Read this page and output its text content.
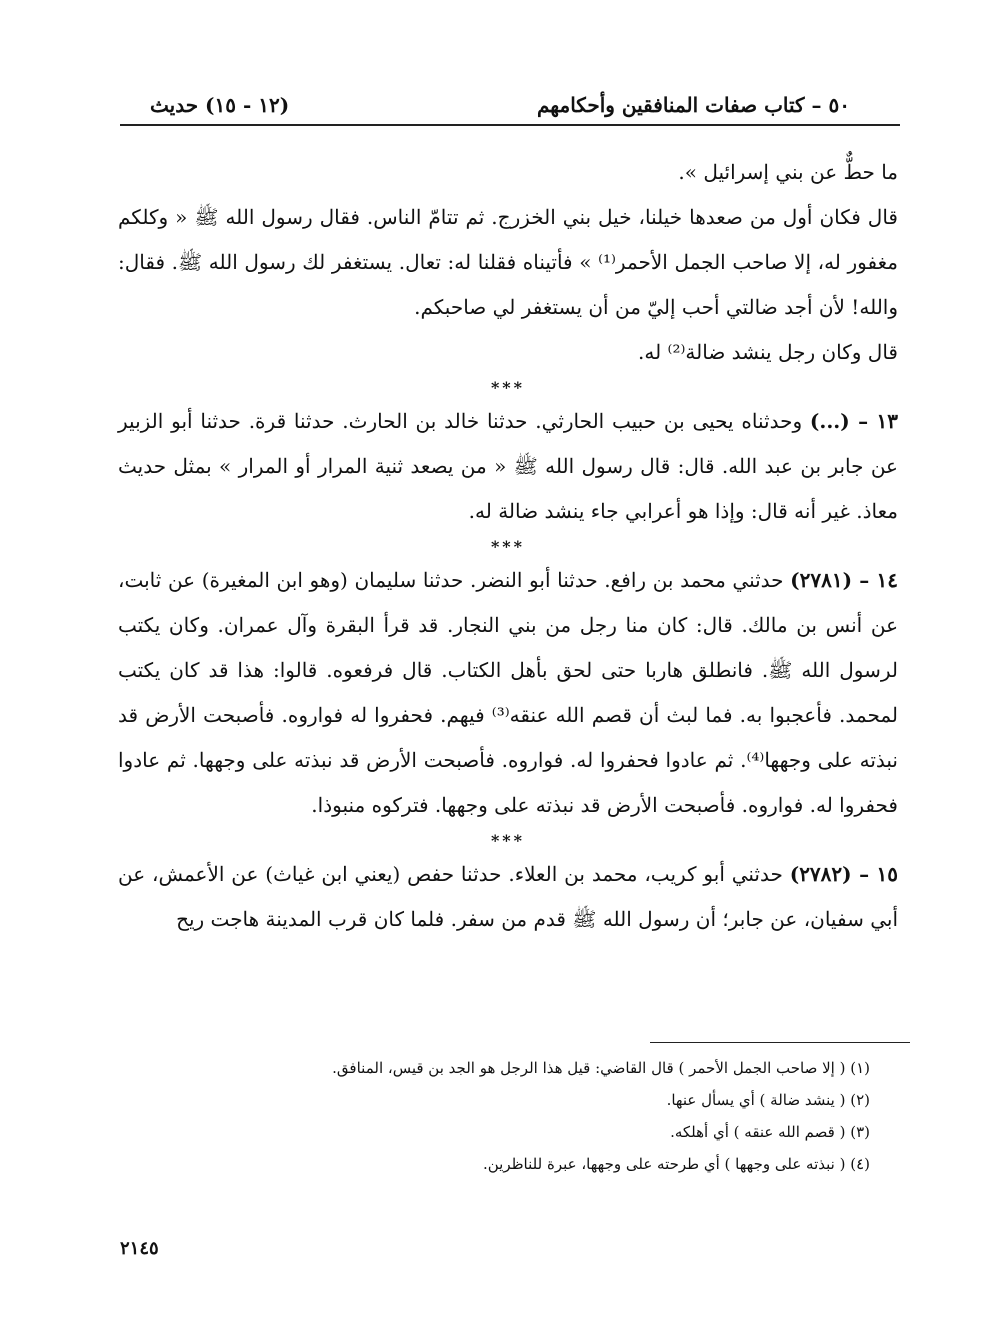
٥٠ – كتاب صفات المنافقين وأحكامهم
(١٢ - ١٥) حديث

ما حطٌّ عن بني إسرائيل ».

قال فكان أول من صعدها خيلنا، خيل بني الخزرج. ثم تتامّ الناس. فقال رسول الله ﷺ « وكلكم مغفور له، إلا صاحب الجمل الأحمر⁽¹⁾ » فأتيناه فقلنا له: تعال. يستغفر لك رسول الله ﷺ. فقال: والله! لأن أجد ضالتي أحب إليّ من أن يستغفر لي صاحبكم.

قال وكان رجل ينشد ضالة⁽²⁾ له.

***

١٣ – (...) وحدثناه يحيى بن حبيب الحارثي. حدثنا خالد بن الحارث. حدثنا قرة. حدثنا أبو الزبير عن جابر بن عبد الله. قال: قال رسول الله ﷺ « من يصعد ثنية المرار أو المرار » بمثل حديث معاذ. غير أنه قال: وإذا هو أعرابي جاء ينشد ضالة له.

***

١٤ – (٢٧٨١) حدثني محمد بن رافع. حدثنا أبو النضر. حدثنا سليمان (وهو ابن المغيرة) عن ثابت، عن أنس بن مالك. قال: كان منا رجل من بني النجار. قد قرأ البقرة وآل عمران. وكان يكتب لرسول الله ﷺ. فانطلق هاربا حتى لحق بأهل الكتاب. قال فرفعوه. قالوا: هذا قد كان يكتب لمحمد. فأعجبوا به. فما لبث أن قصم الله عنقه⁽³⁾ فيهم. فحفروا له فواروه. فأصبحت الأرض قد نبذته على وجهها⁽⁴⁾. ثم عادوا فحفروا له. فواروه. فأصبحت الأرض قد نبذته على وجهها. ثم عادوا فحفروا له. فواروه. فأصبحت الأرض قد نبذته على وجهها. فتركوه منبوذا.

***

١٥ – (٢٧٨٢) حدثني أبو كريب، محمد بن العلاء. حدثنا حفص (يعني ابن غياث) عن الأعمش، عن أبي سفيان، عن جابر؛ أن رسول الله ﷺ قدم من سفر. فلما كان قرب المدينة هاجت ريح

(١) ( إلا صاحب الجمل الأحمر ) قال القاضي: قيل هذا الرجل هو الجد بن قيس، المنافق.

(٢) ( ينشد ضالة ) أي يسأل عنها.

(٣) ( قصم الله عنقه ) أي أهلكه.

(٤) ( نبذته على وجهها ) أي طرحته على وجهها، عبرة للناظرين.

٢١٤٥
